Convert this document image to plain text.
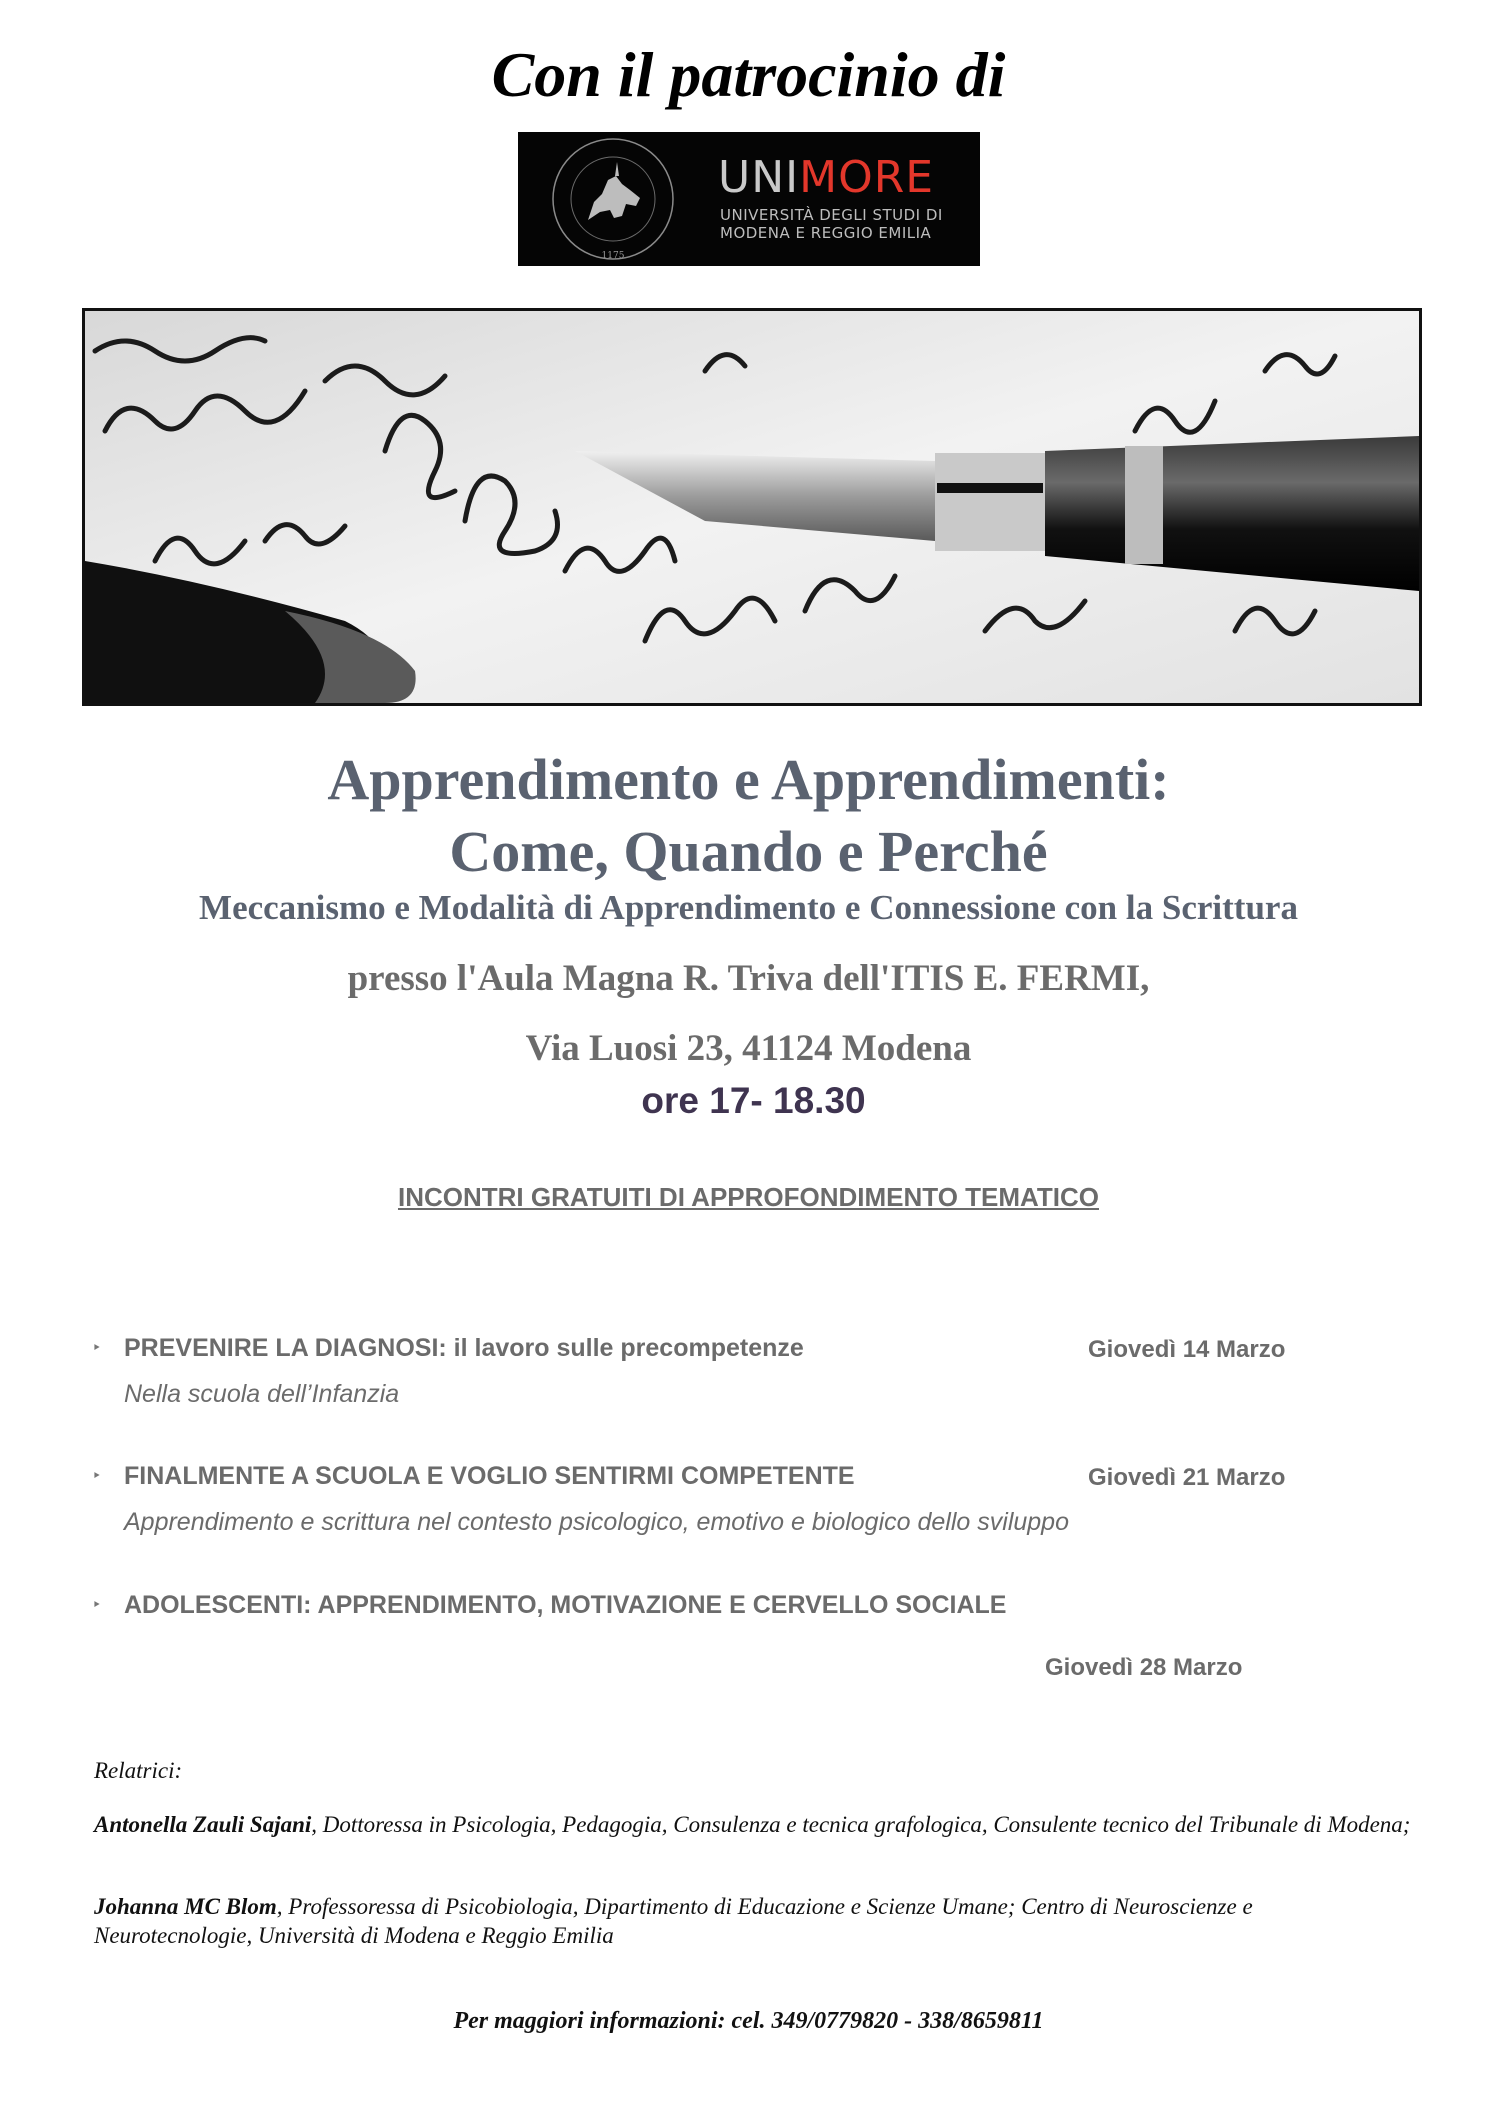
Con il patrocinio di
1175
UNIMORE
UNIVERSITÀ DEGLI STUDI DI
MODENA E REGGIO EMILIA
Apprendimento e Apprendimenti:
Come, Quando e Perché
Meccanismo e Modalità di Apprendimento e Connessione con la Scrittura
presso l'Aula Magna R. Triva dell'ITIS E. FERMI,
Via Luosi 23, 41124 Modena
ore 17- 18.30
INCONTRI GRATUITI DI APPROFONDIMENTO TEMATICO
‣ PREVENIRE LA DIAGNOSI: il lavoro sulle precompetenze	Giovedì 14 Marzo
Nella scuola dell’Infanzia
‣ FINALMENTE A SCUOLA E VOGLIO SENTIRMI COMPETENTE	Giovedì 21 Marzo
Apprendimento e scrittura nel contesto psicologico, emotivo e biologico dello sviluppo
‣ ADOLESCENTI: APPRENDIMENTO, MOTIVAZIONE E CERVELLO SOCIALE
Giovedì 28 Marzo
Relatrici:
Antonella Zauli Sajani, Dottoressa in Psicologia, Pedagogia, Consulenza e tecnica grafologica, Consulente tecnico del Tribunale di Modena;
Johanna MC Blom, Professoressa di Psicobiologia, Dipartimento di Educazione e Scienze Umane; Centro di Neuroscienze e Neurotecnologie, Università di Modena e Reggio Emilia
Per maggiori informazioni: cel. 349/0779820 - 338/8659811
